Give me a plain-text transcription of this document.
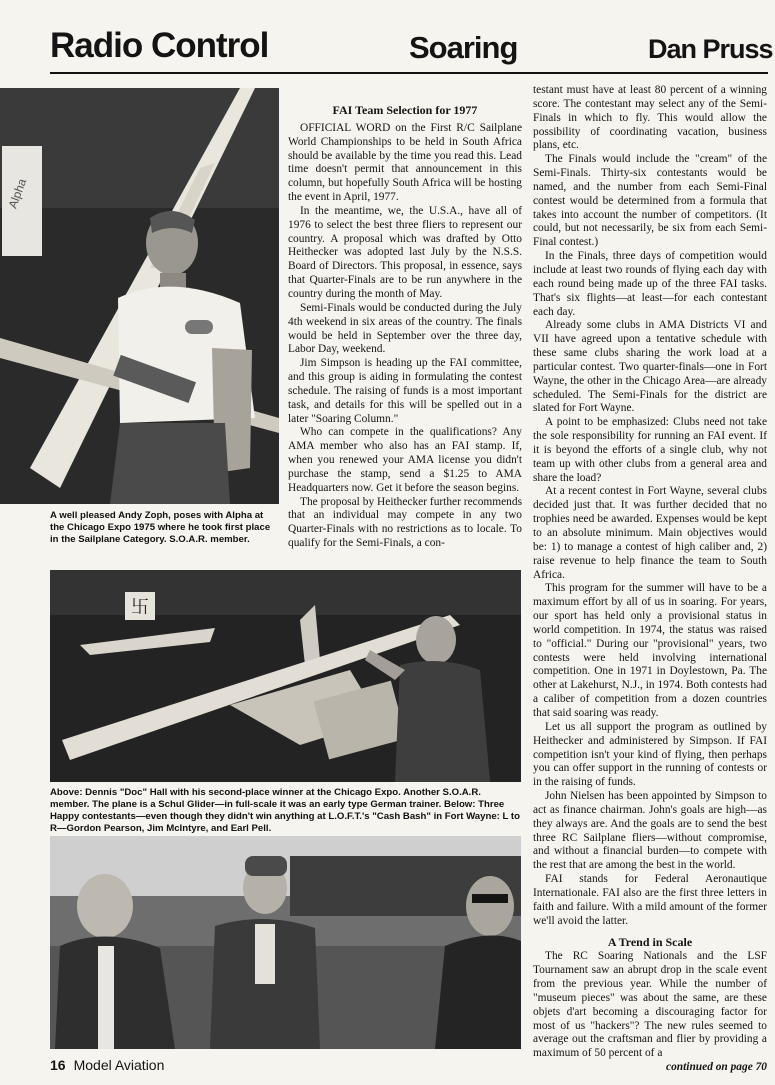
Radio Control	Soaring	Dan Pruss
Alpha
A well pleased Andy Zoph, poses with Alpha at the Chicago Expo 1975 where he took first place in the Sailplane Category. S.O.A.R. member.
卐
Above: Dennis "Doc" Hall with his second-place winner at the Chicago Expo. Another S.O.A.R. member. The plane is a Schul Glider—in full-scale it was an early type German trainer. Below: Three Happy contestants—even though they didn't win anything at L.O.F.T.'s "Cash Bash" in Fort Wayne: L to R—Gordon Pearson, Jim McIntyre, and Earl Pell.

FAI Team Selection for 1977

OFFICIAL WORD on the First R/C Sailplane World Championships to be held in South Africa should be available by the time you read this. Lead time doesn't permit that announcement in this column, but hopefully South Africa will be hosting the event in April, 1977.

In the meantime, we, the U.S.A., have all of 1976 to select the best three fliers to represent our country. A proposal which was drafted by Otto Heithecker was adopted last July by the N.S.S. Board of Directors. This proposal, in essence, says that Quarter-Finals are to be run anywhere in the country during the month of May.

Semi-Finals would be conducted during the July 4th weekend in six areas of the country. The finals would be held in September over the three day, Labor Day, weekend.

Jim Simpson is heading up the FAI committee, and this group is aiding in formulating the contest schedule. The raising of funds is a most important task, and details for this will be spelled out in a later "Soaring Column."

Who can compete in the qualifications? Any AMA member who also has an FAI stamp. If, when you renewed your AMA license you didn't purchase the stamp, send a $1.25 to AMA Headquarters now. Get it before the season begins.

The proposal by Heithecker further recommends that an individual may compete in any two Quarter-Finals with no restrictions as to locale. To qualify for the Semi-Finals, a con-

testant must have at least 80 percent of a winning score. The contestant may select any of the Semi-Finals in which to fly. This would allow the possibility of coordinating vacation, business plans, etc.

The Finals would include the "cream" of the Semi-Finals. Thirty-six contestants would be named, and the number from each Semi-Final contest would be determined from a formula that takes into account the number of competitors. (It could, but not necessarily, be six from each Semi-Final contest.)

In the Finals, three days of competition would include at least two rounds of flying each day with each round being made up of the three FAI tasks. That's six flights—at least—for each contestant each day.

Already some clubs in AMA Districts VI and VII have agreed upon a tentative schedule with these same clubs sharing the work load at a particular contest. Two quarter-finals—one in Fort Wayne, the other in the Chicago Area—are already scheduled. The Semi-Finals for the district are slated for Fort Wayne.

A point to be emphasized: Clubs need not take the sole responsibility for running an FAI event. If it is beyond the efforts of a single club, why not team up with other clubs from a general area and share the load?

At a recent contest in Fort Wayne, several clubs decided just that. It was further decided that no trophies need be awarded. Expenses would be kept to an absolute minimum. Main objectives would be: 1) to manage a contest of high caliber and, 2) raise revenue to help finance the team to South Africa.

This program for the summer will have to be a maximum effort by all of us in soaring. For years, our sport has held only a provisional status in world competition. In 1974, the status was raised to "official." During our "provisional" years, two contests were held involving international competition. One in 1971 in Doylestown, Pa. The other at Lakehurst, N.J., in 1974. Both contests had a caliber of competition from a dozen countries that said soaring was ready.

Let us all support the program as outlined by Heithecker and administered by Simpson. If FAI competition isn't your kind of flying, then perhaps you can offer support in the running of contests or in the raising of funds.

John Nielsen has been appointed by Simpson to act as finance chairman. John's goals are high—as they always are. And the goals are to send the best three RC Sailplane fliers—without compromise, and without a financial burden—to compete with the rest that are among the best in the world.

FAI stands for Federal Aeronautique Internationale. FAI also are the first three letters in faith and failure. With a mild amount of the former we'll avoid the latter.

A Trend in Scale

The RC Soaring Nationals and the LSF Tournament saw an abrupt drop in the scale event from the previous year. While the number of "museum pieces" was about the same, are these objets d'art becoming a discouraging factor for most of us "hackers"? The new rules seemed to average out the craftsman and flier by providing a maximum of 50 percent of a

continued on page 70

16 Model Aviation
